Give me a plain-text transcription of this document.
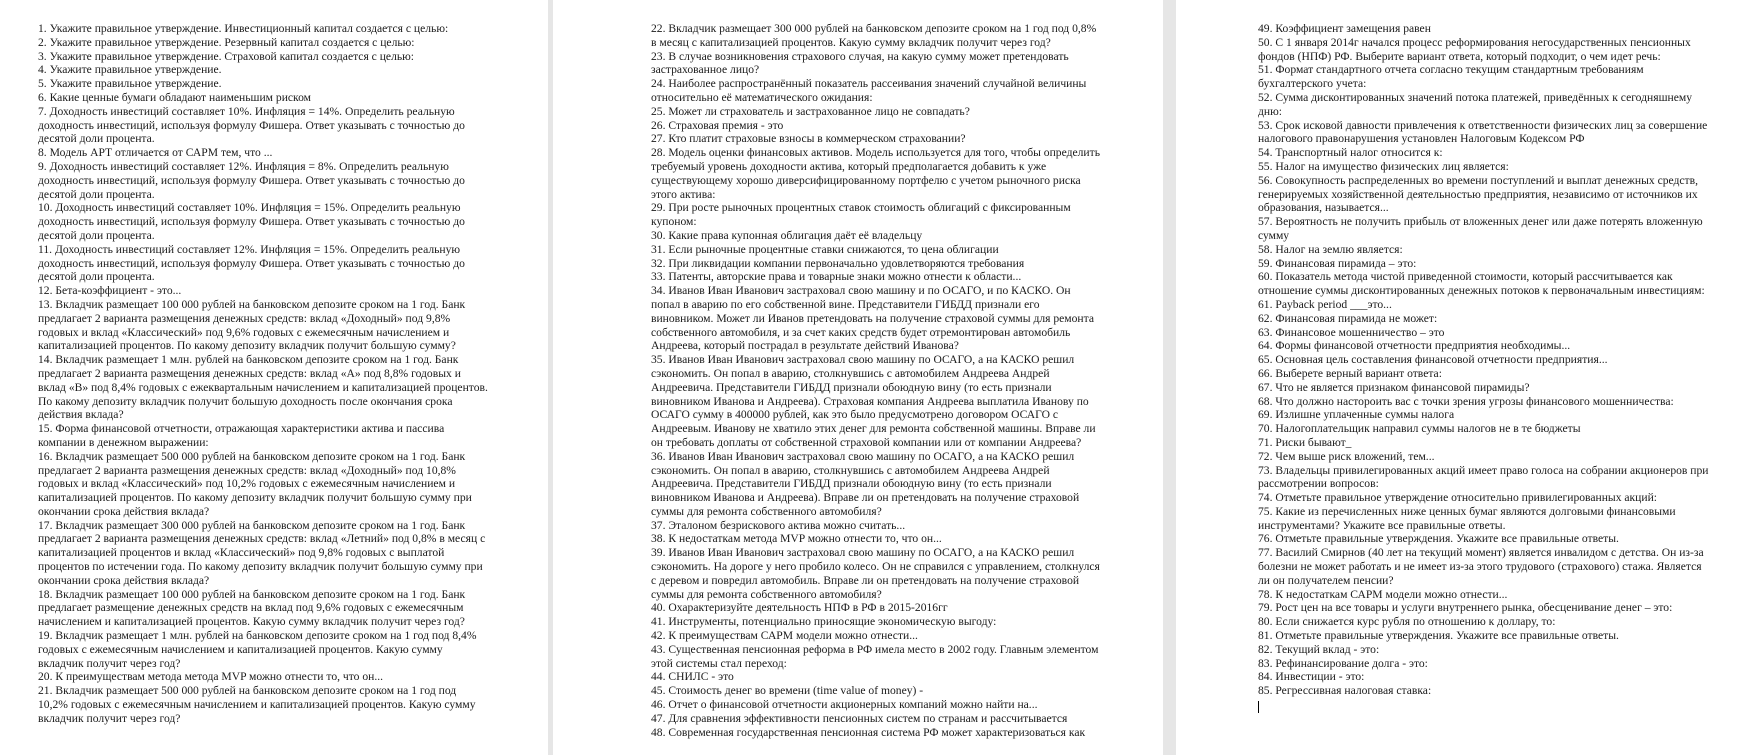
1. Укажите правильное утверждение. Инвестиционный капитал создается с целью:
2. Укажите правильное утверждение. Резервный капитал создается с целью:
3. Укажите правильное утверждение. Страховой капитал создается с целью:
4. Укажите правильное утверждение.
5. Укажите правильное утверждение.
6. Какие ценные бумаги обладают наименьшим риском
7. Доходность инвестиций составляет 10%. Инфляция = 14%. Определить реальную
доходность инвестиций, используя формулу Фишера. Ответ указывать с точностью до
десятой доли процента.
8. Модель АРТ отличается от САРМ тем, что ...
9. Доходность инвестиций составляет 12%. Инфляция = 8%. Определить реальную
доходность инвестиций, используя формулу Фишера. Ответ указывать с точностью до
десятой доли процента.
10. Доходность инвестиций составляет 10%. Инфляция = 15%. Определить реальную
доходность инвестиций, используя формулу Фишера. Ответ указывать с точностью до
десятой доли процента.
11. Доходность инвестиций составляет 12%. Инфляция = 15%. Определить реальную
доходность инвестиций, используя формулу Фишера. Ответ указывать с точностью до
десятой доли процента.
12. Бета-коэффициент - это...
13. Вкладчик размещает 100 000 рублей на банковском депозите сроком на 1 год. Банк
предлагает 2 варианта размещения денежных средств: вклад «Доходный» под 9,8%
годовых и вклад «Классический» под 9,6% годовых с ежемесячным начислением и
капитализацией процентов. По какому депозиту вкладчик получит большую сумму?
14. Вкладчик размещает 1 млн. рублей на банковском депозите сроком на 1 год. Банк
предлагает 2 варианта размещения денежных средств: вклад «А» под 8,8% годовых и
вклад «В» под 8,4% годовых с ежеквартальным начислением и капитализацией процентов.
По какому депозиту вкладчик получит большую доходность после окончания срока
действия вклада?
15. Форма финансовой отчетности, отражающая характеристики актива и пассива
компании в денежном выражении:
16. Вкладчик размещает 500 000 рублей на банковском депозите сроком на 1 год. Банк
предлагает 2 варианта размещения денежных средств: вклад «Доходный» под 10,8%
годовых и вклад «Классический» под 10,2% годовых с ежемесячным начислением и
капитализацией процентов. По какому депозиту вкладчик получит большую сумму при
окончании срока действия вклада?
17. Вкладчик размещает 300 000 рублей на банковском депозите сроком на 1 год. Банк
предлагает 2 варианта размещения денежных средств: вклад «Летний» под 0,8% в месяц с
капитализацией процентов и вклад «Классический» под 9,8% годовых с выплатой
процентов по истечении года. По какому депозиту вкладчик получит большую сумму при
окончании срока действия вклада?
18. Вкладчик размещает 100 000 рублей на банковском депозите сроком на 1 год. Банк
предлагает размещение денежных средств на вклад под 9,6% годовых с ежемесячным
начислением и капитализацией процентов. Какую сумму вкладчик получит через год?
19. Вкладчик размещает 1 млн. рублей на банковском депозите сроком на 1 год под 8,4%
годовых с ежемесячным начислением и капитализацией процентов. Какую сумму
вкладчик получит через год?
20. К преимуществам метода метода MVP можно отнести то, что он...
21. Вкладчик размещает 500 000 рублей на банковском депозите сроком на 1 год под
10,2% годовых с ежемесячным начислением и капитализацией процентов. Какую сумму
вкладчик получит через год?
22. Вкладчик размещает 300 000 рублей на банковском депозите сроком на 1 год под 0,8%
в месяц с капитализацией процентов. Какую сумму вкладчик получит через год?
23. В случае возникновения страхового случая, на какую сумму может претендовать
застрахованное лицо?
24. Наиболее распространённый показатель рассеивания значений случайной величины
относительно её математического ожидания:
25. Может ли страхователь и застрахованное лицо не совпадать?
26. Страховая премия - это
27. Кто платит страховые взносы в коммерческом страховании?
28. Модель оценки финансовых активов. Модель используется для того, чтобы определить
требуемый уровень доходности актива, который предполагается добавить к уже
существующему хорошо диверсифицированному портфелю с учетом рыночного риска
этого актива:
29. При росте рыночных процентных ставок стоимость облигаций с фиксированным
купоном:
30. Какие права купонная облигация даёт её владельцу
31. Если рыночные процентные ставки снижаются, то цена облигации
32. При ликвидации компании первоначально удовлетворяются требования
33. Патенты, авторские права и товарные знаки можно отнести к области...
34. Иванов Иван Иванович застраховал свою машину и по ОСАГО, и по КАСКО. Он
попал в аварию по его собственной вине. Представители ГИБДД признали его
виновником. Может ли Иванов претендовать на получение страховой суммы для ремонта
собственного автомобиля, и за счет каких средств будет отремонтирован автомобиль
Андреева, который пострадал в результате действий Иванова?
35. Иванов Иван Иванович застраховал свою машину по ОСАГО, а на КАСКО решил
сэкономить. Он попал в аварию, столкнувшись с автомобилем Андреева Андрей
Андреевича. Представители ГИБДД признали обоюдную вину (то есть признали
виновником Иванова и Андреева). Страховая компания Андреева выплатила Иванову по
ОСАГО сумму в 400000 рублей, как это было предусмотрено договором ОСАГО с
Андреевым. Иванову не хватило этих денег для ремонта собственной машины. Вправе ли
он требовать доплаты от собственной страховой компании или от компании Андреева?
36. Иванов Иван Иванович застраховал свою машину по ОСАГО, а на КАСКО решил
сэкономить. Он попал в аварию, столкнувшись с автомобилем Андреева Андрей
Андреевича. Представители ГИБДД признали обоюдную вину (то есть признали
виновником Иванова и Андреева). Вправе ли он претендовать на получение страховой
суммы для ремонта собственного автомобиля?
37. Эталоном безрискового актива можно считать...
38. К недостаткам метода MVP можно отнести то, что он...
39. Иванов Иван Иванович застраховал свою машину по ОСАГО, а на КАСКО решил
сэкономить. На дороге у него пробило колесо. Он не справился с управлением, столкнулся
с деревом и повредил автомобиль. Вправе ли он претендовать на получение страховой
суммы для ремонта собственного автомобиля?
40. Охарактеризуйте деятельность НПФ в РФ в 2015-2016гг
41. Инструменты, потенциально приносящие экономическую выгоду:
42. К преимуществам САРМ модели можно отнести...
43. Существенная пенсионная реформа в РФ имела место в 2002 году. Главным элементом
этой системы стал переход:
44. СНИЛС - это
45. Стоимость денег во времени (time value of money) -
46. Отчет о финансовой отчетности акционерных компаний можно найти на...
47. Для сравнения эффективности пенсионных систем по странам и рассчитывается
48. Современная государственная пенсионная система РФ может характеризоваться как
49. Коэффициент замещения равен
50. С 1 января 2014г начался процесс реформирования негосударственных пенсионных
фондов (НПФ) РФ. Выберите вариант ответа, который подходит, о чем идет речь:
51. Формат стандартного отчета согласно текущим стандартным требованиям
бухгалтерского учета:
52. Сумма дисконтированных значений потока платежей, приведённых к сегодняшнему
дню:
53. Срок исковой давности привлечения к ответственности физических лиц за совершение
налогового правонарушения установлен Налоговым Кодексом РФ
54. Транспортный налог относится к:
55. Налог на имущество физических лиц является:
56. Совокупность распределенных во времени поступлений и выплат денежных средств,
генерируемых хозяйственной деятельностью предприятия, независимо от источников их
образования, называется...
57. Вероятность не получить прибыль от вложенных денег или даже потерять вложенную
сумму
58. Налог на землю является:
59. Финансовая пирамида – это:
60. Показатель метода чистой приведенной стоимости, который рассчитывается как
отношение суммы дисконтированных денежных потоков к первоначальным инвестициям:
61. Payback period ___это...
62. Финансовая пирамида не может:
63. Финансовое мошенничество – это
64. Формы финансовой отчетности предприятия необходимы...
65. Основная цель составления финансовой отчетности предприятия...
66. Выберете верный вариант ответа:
67. Что не является признаком финансовой пирамиды?
68. Что должно настороить вас с точки зрения угрозы финансового мошенничества:
69. Излишне уплаченные суммы налога
70. Налогоплательщик направил суммы налогов не в те бюджеты
71. Риски бывают_
72. Чем выше риск вложений, тем...
73. Владельцы привилегированных акций имеет право голоса на собрании акционеров при
рассмотрении вопросов:
74. Отметьте правильное утверждение относительно привилегированных акций:
75. Какие из перечисленных ниже ценных бумаг являются долговыми финансовыми
инструментами? Укажите все правильные ответы.
76. Отметьте правильные утверждения. Укажите все правильные ответы.
77. Василий Смирнов (40 лет на текущий момент) является инвалидом с детства. Он из-за
болезни не может работать и не имеет из-за этого трудового (страхового) стажа. Является
ли он получателем пенсии?
78. К недостаткам САРМ модели можно отнести...
79. Рост цен на все товары и услуги внутреннего рынка, обесценивание денег – это:
80. Если снижается курс рубля по отношению к доллару, то:
81. Отметьте правильные утверждения. Укажите все правильные ответы.
82. Текущий вклад - это:
83. Рефинансирование долга - это:
84. Инвестиции - это:
85. Регрессивная налоговая ставка:
